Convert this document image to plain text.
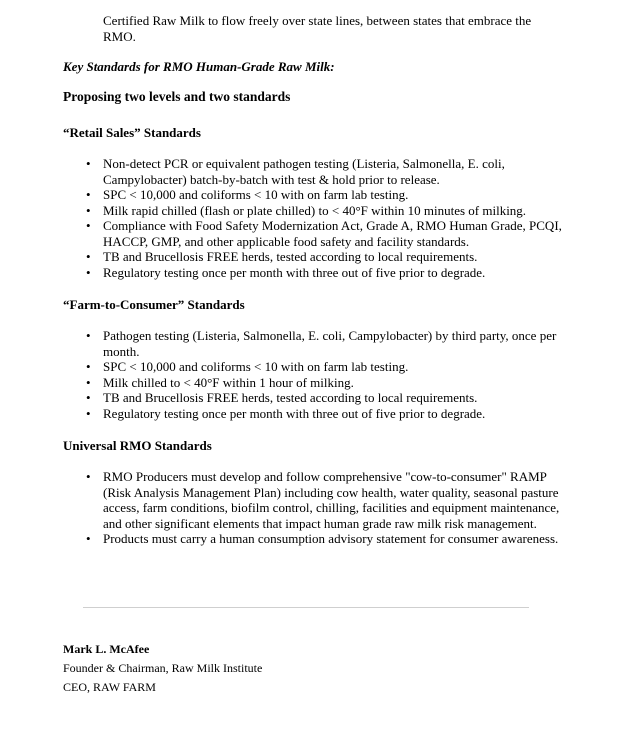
Certified Raw Milk to flow freely over state lines, between states that embrace the RMO.

Key Standards for RMO Human-Grade Raw Milk:

Proposing two levels and two standards

“Retail Sales” Standards

• Non-detect PCR or equivalent pathogen testing (Listeria, Salmonella, E. coli, Campylobacter) batch-by-batch with test & hold prior to release.
• SPC < 10,000 and coliforms < 10 with on farm lab testing.
• Milk rapid chilled (flash or plate chilled) to < 40°F within 10 minutes of milking.
• Compliance with Food Safety Modernization Act, Grade A, RMO Human Grade, PCQI, HACCP, GMP, and other applicable food safety and facility standards.
• TB and Brucellosis FREE herds, tested according to local requirements.
• Regulatory testing once per month with three out of five prior to degrade.

“Farm-to-Consumer” Standards

• Pathogen testing (Listeria, Salmonella, E. coli, Campylobacter) by third party, once per month.
• SPC < 10,000 and coliforms < 10 with on farm lab testing.
• Milk chilled to < 40°F within 1 hour of milking.
• TB and Brucellosis FREE herds, tested according to local requirements.
• Regulatory testing once per month with three out of five prior to degrade.

Universal RMO Standards

• RMO Producers must develop and follow comprehensive "cow-to-consumer" RAMP (Risk Analysis Management Plan) including cow health, water quality, seasonal pasture access, farm conditions, biofilm control, chilling, facilities and equipment maintenance, and other significant elements that impact human grade raw milk risk management.
• Products must carry a human consumption advisory statement for consumer awareness.

Mark L. McAfee

Founder & Chairman, Raw Milk Institute

CEO, RAW FARM
